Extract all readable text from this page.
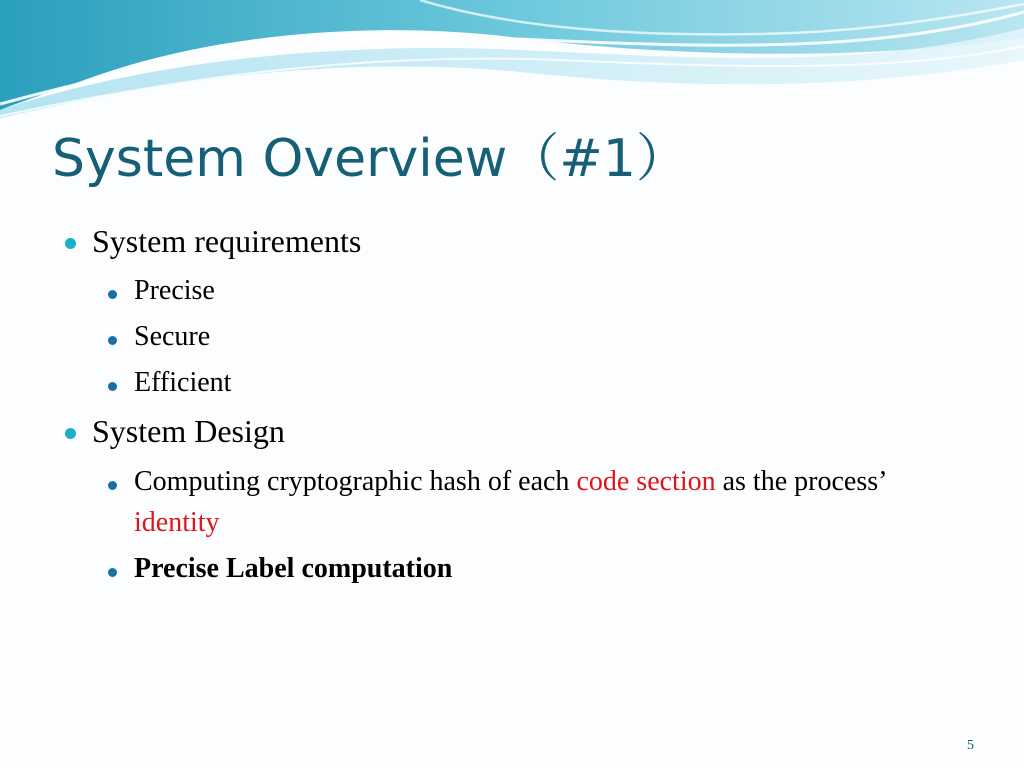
System Overview（#1）
System requirements
Precise
Secure
Efficient
System Design
Computing cryptographic hash of each code section as the process’ identity
Precise Label computation
5
